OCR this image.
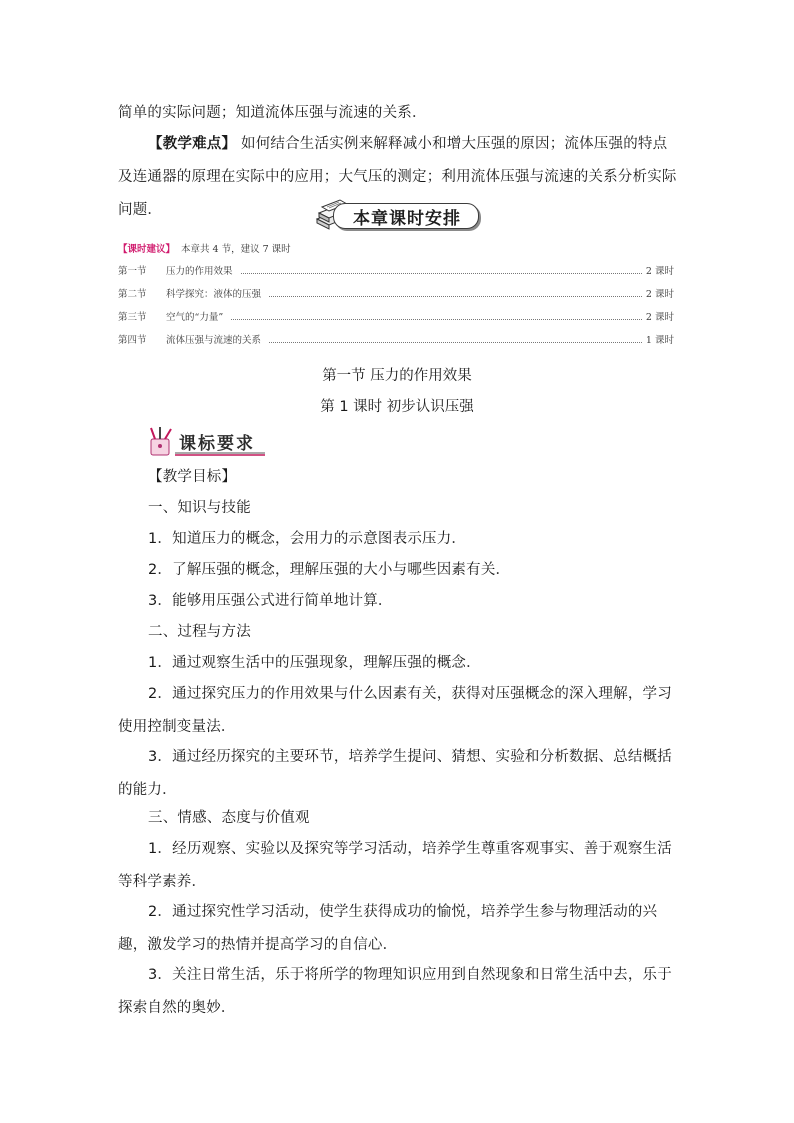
简单的实际问题；知道流体压强与流速的关系．
【教学难点】 如何结合生活实例来解释减小和增大压强的原因；流体压强的特点及连通器的原理在实际中的应用；大气压的测定；利用流体压强与流速的关系分析实际问题．	本章课时安排
【课时建议】 本章共 4 节，建议 7 课时
第一节	压力的作用效果	2 课时
第二节	科学探究：液体的压强	2 课时
第三节	空气的“力量”	2 课时
第四节	流体压强与流速的关系	1 课时
第一节 压力的作用效果
第 1 课时 初步认识压强
课标要求
【教学目标】
一、知识与技能
1．知道压力的概念，会用力的示意图表示压力．
2．了解压强的概念，理解压强的大小与哪些因素有关．
3．能够用压强公式进行简单地计算．
二、过程与方法
1．通过观察生活中的压强现象，理解压强的概念．
2．通过探究压力的作用效果与什么因素有关，获得对压强概念的深入理解，学习使用控制变量法．
3．通过经历探究的主要环节，培养学生提问、猜想、实验和分析数据、总结概括的能力．
三、情感、态度与价值观
1．经历观察、实验以及探究等学习活动，培养学生尊重客观事实、善于观察生活等科学素养．
2．通过探究性学习活动，使学生获得成功的愉悦，培养学生参与物理活动的兴趣，激发学习的热情并提高学习的自信心．
3．关注日常生活，乐于将所学的物理知识应用到自然现象和日常生活中去，乐于探索自然的奥妙．
